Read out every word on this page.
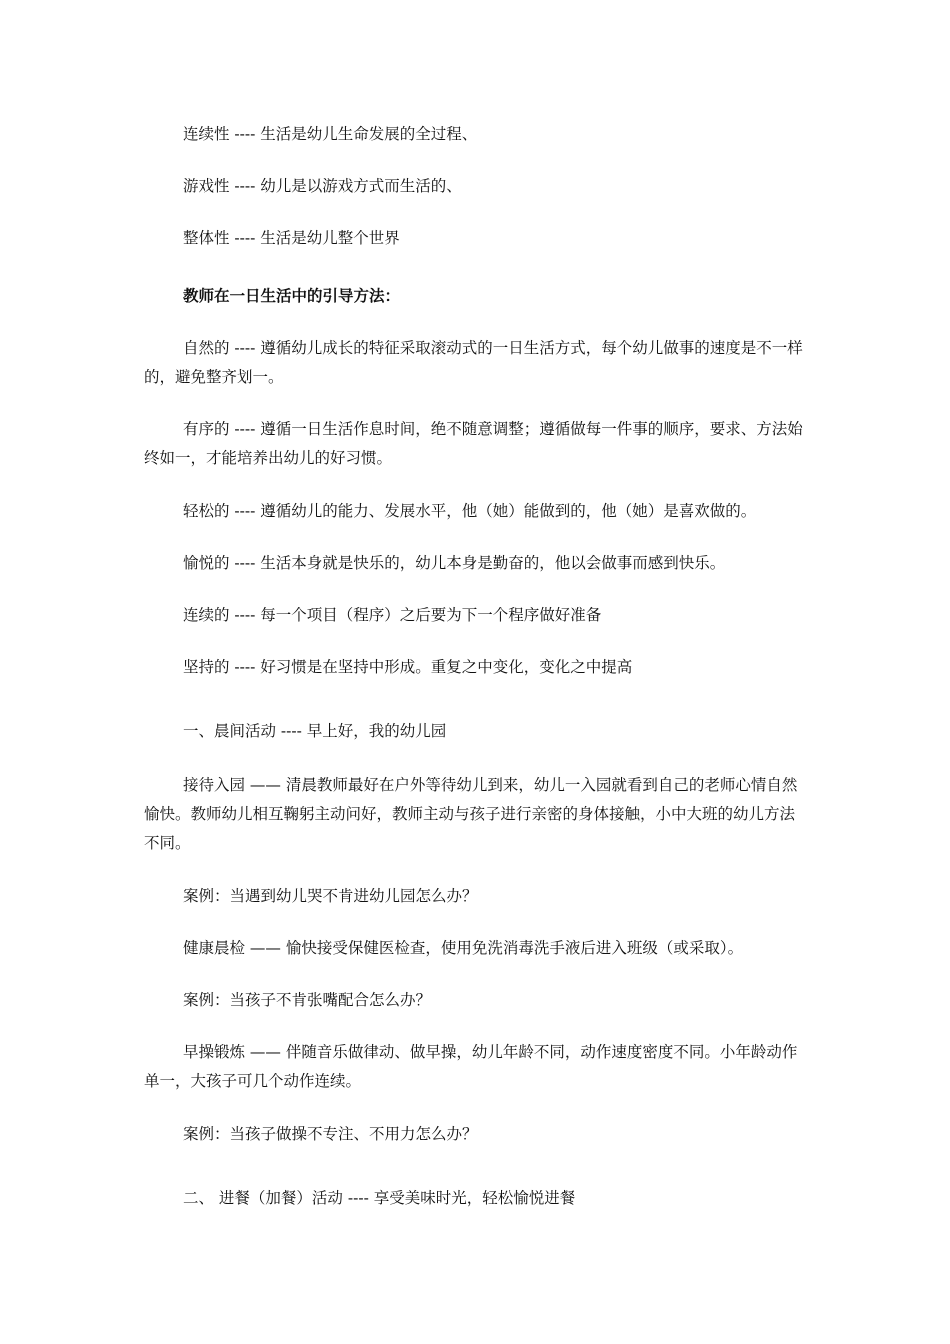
连续性 ---- 生活是幼儿生命发展的全过程、

游戏性 ---- 幼儿是以游戏方式而生活的、

整体性 ---- 生活是幼儿整个世界

教师在一日生活中的引导方法：

自然的 ---- 遵循幼儿成长的特征采取滚动式的一日生活方式，每个幼儿做事的速度是不一样的，避免整齐划一。

有序的 ---- 遵循一日生活作息时间，绝不随意调整；遵循做每一件事的顺序，要求、方法始终如一，才能培养出幼儿的好习惯。

轻松的 ---- 遵循幼儿的能力、发展水平，他（她）能做到的，他（她）是喜欢做的。

愉悦的 ---- 生活本身就是快乐的，幼儿本身是勤奋的，他以会做事而感到快乐。

连续的 ---- 每一个项目（程序）之后要为下一个程序做好准备

坚持的 ---- 好习惯是在坚持中形成。重复之中变化，变化之中提高

一、晨间活动 ---- 早上好，我的幼儿园

接待入园 —— 清晨教师最好在户外等待幼儿到来，幼儿一入园就看到自己的老师心情自然愉快。教师幼儿相互鞠躬主动问好，教师主动与孩子进行亲密的身体接触，小中大班的幼儿方法不同。

案例：当遇到幼儿哭不肯进幼儿园怎么办？

健康晨检 —— 愉快接受保健医检查，使用免洗消毒洗手液后进入班级（或采取）。

案例：当孩子不肯张嘴配合怎么办？

早操锻炼 —— 伴随音乐做律动、做早操，幼儿年龄不同，动作速度密度不同。小年龄动作单一，大孩子可几个动作连续。

案例：当孩子做操不专注、不用力怎么办？

二、 进餐（加餐）活动 ---- 享受美味时光，轻松愉悦进餐
